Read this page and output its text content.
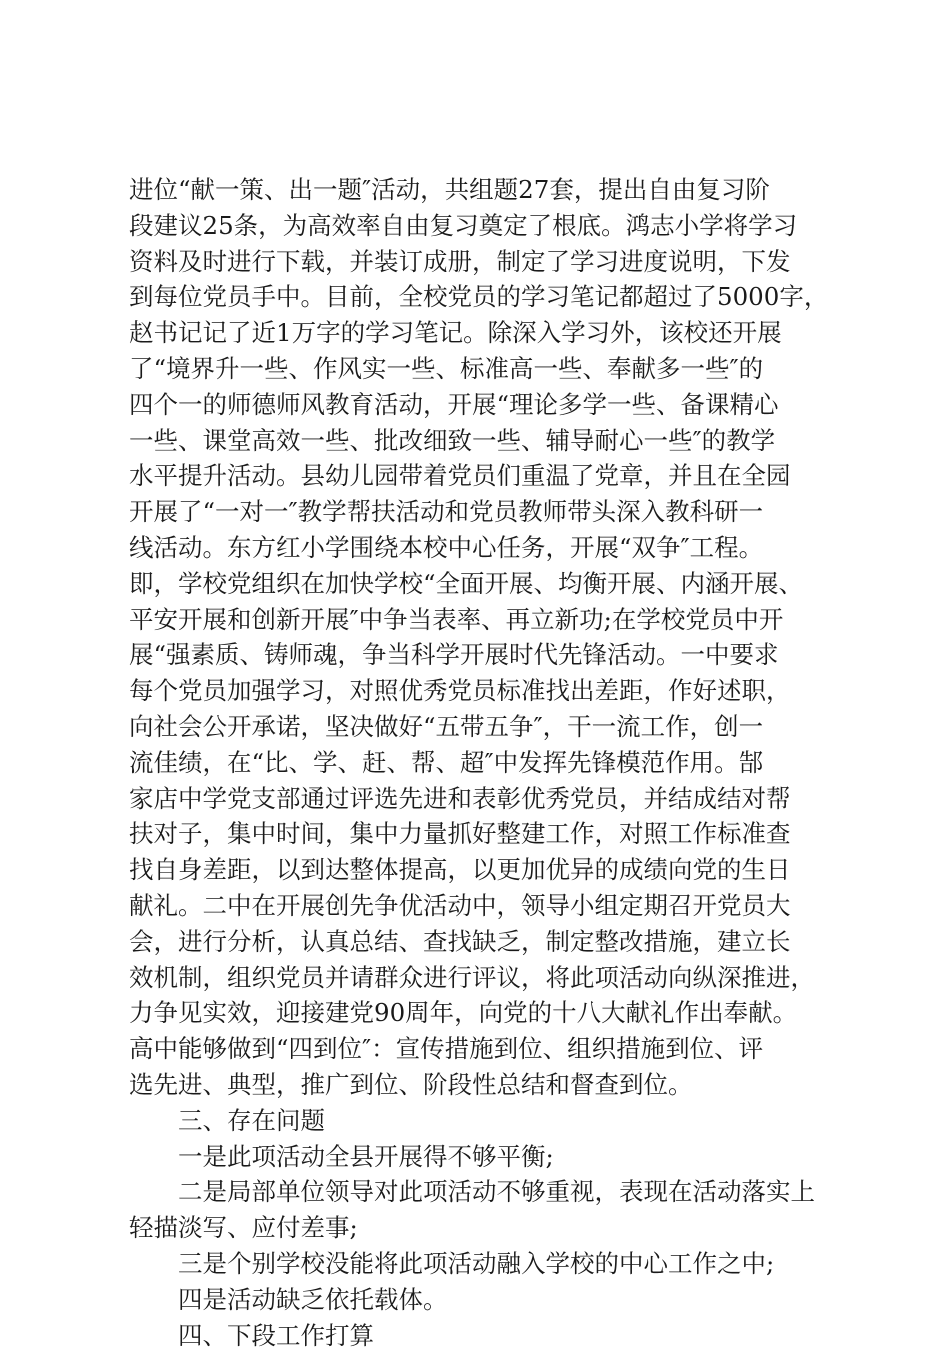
进位“献一策、出一题″活动，共组题27套，提出自由复习阶
段建议25条，为高效率自由复习奠定了根底。鸿志小学将学习
资料及时进行下载，并装订成册，制定了学习进度说明，下发
到每位党员手中。目前，全校党员的学习笔记都超过了5000字，
赵书记记了近1万字的学习笔记。除深入学习外，该校还开展
了“境界升一些、作风实一些、标准高一些、奉献多一些″的
四个一的师德师风教育活动，开展“理论多学一些、备课精心
一些、课堂高效一些、批改细致一些、辅导耐心一些″的教学
水平提升活动。县幼儿园带着党员们重温了党章，并且在全园
开展了“一对一″教学帮扶活动和党员教师带头深入教科研一
线活动。东方红小学围绕本校中心任务，开展“双争″工程。
即，学校党组织在加快学校“全面开展、均衡开展、内涵开展、
平安开展和创新开展″中争当表率、再立新功;在学校党员中开
展“强素质、铸师魂，争当科学开展时代先锋活动。一中要求
每个党员加强学习，对照优秀党员标准找出差距，作好述职，
向社会公开承诺，坚决做好“五带五争″，干一流工作，创一
流佳绩，在“比、学、赶、帮、超″中发挥先锋模范作用。郜
家店中学党支部通过评选先进和表彰优秀党员，并结成结对帮
扶对子，集中时间，集中力量抓好整建工作，对照工作标准查
找自身差距，以到达整体提高，以更加优异的成绩向党的生日
献礼。二中在开展创先争优活动中，领导小组定期召开党员大
会，进行分析，认真总结、查找缺乏，制定整改措施，建立长
效机制，组织党员并请群众进行评议，将此项活动向纵深推进，
力争见实效，迎接建党90周年，向党的十八大献礼作出奉献。
高中能够做到“四到位″：宣传措施到位、组织措施到位、评
选先进、典型，推广到位、阶段性总结和督查到位。
三、存在问题
一是此项活动全县开展得不够平衡;
二是局部单位领导对此项活动不够重视，表现在活动落实上
轻描淡写、应付差事;
三是个别学校没能将此项活动融入学校的中心工作之中;
四是活动缺乏依托载体。
四、下段工作打算
